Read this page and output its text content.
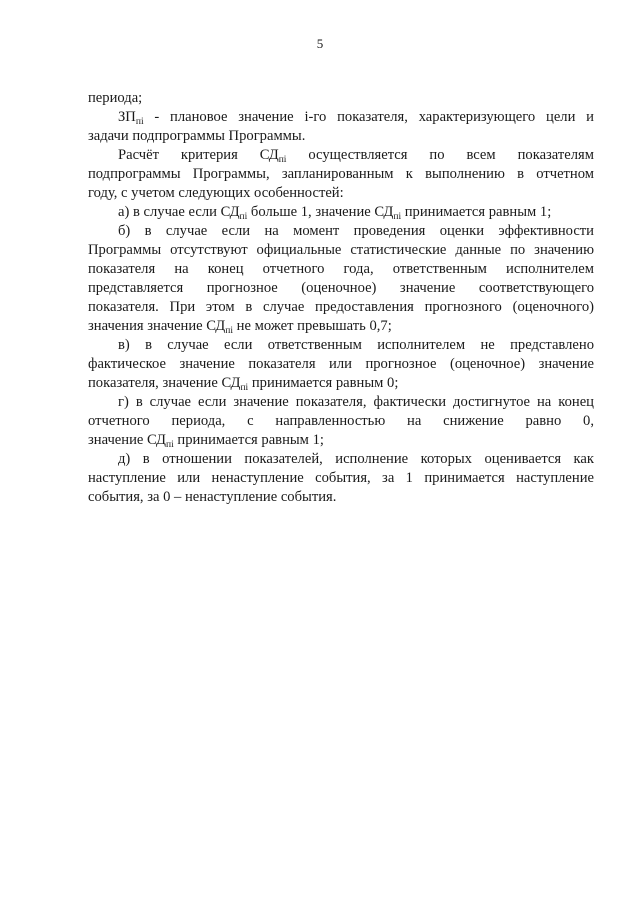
5
периода;
$ЗП_{пi}$ - плановое значение i-го показателя, характеризующего цели и
задачи подпрограммы Программы.
Расчёт критерия $СД_{пi}$ осуществляется по всем показателям
подпрограммы Программы, запланированным к выполнению в отчетном
году, с учетом следующих особенностей:
а) в случае если $СД_{пi}$ больше 1, значение $СД_{пi}$ принимается равным 1;
б) в случае если на момент проведения оценки эффективности
Программы отсутствуют официальные статистические данные по значению
показателя на конец отчетного года, ответственным исполнителем
представляется прогнозное (оценочное) значение соответствующего
показателя. При этом в случае предоставления прогнозного (оценочного)
значения значение $СД_{пi}$ не может превышать 0,7;
в) в случае если ответственным исполнителем не представлено
фактическое значение показателя или прогнозное (оценочное) значение
показателя, значение $СД_{пi}$ принимается равным 0;
г) в случае если значение показателя, фактически достигнутое на конец
отчетного периода, с направленностью на снижение равно 0,
значение $СД_{пi}$ принимается равным 1;
д) в отношении показателей, исполнение которых оценивается как
наступление или ненаступление события, за 1 принимается наступление
события, за 0 – ненаступление события.
